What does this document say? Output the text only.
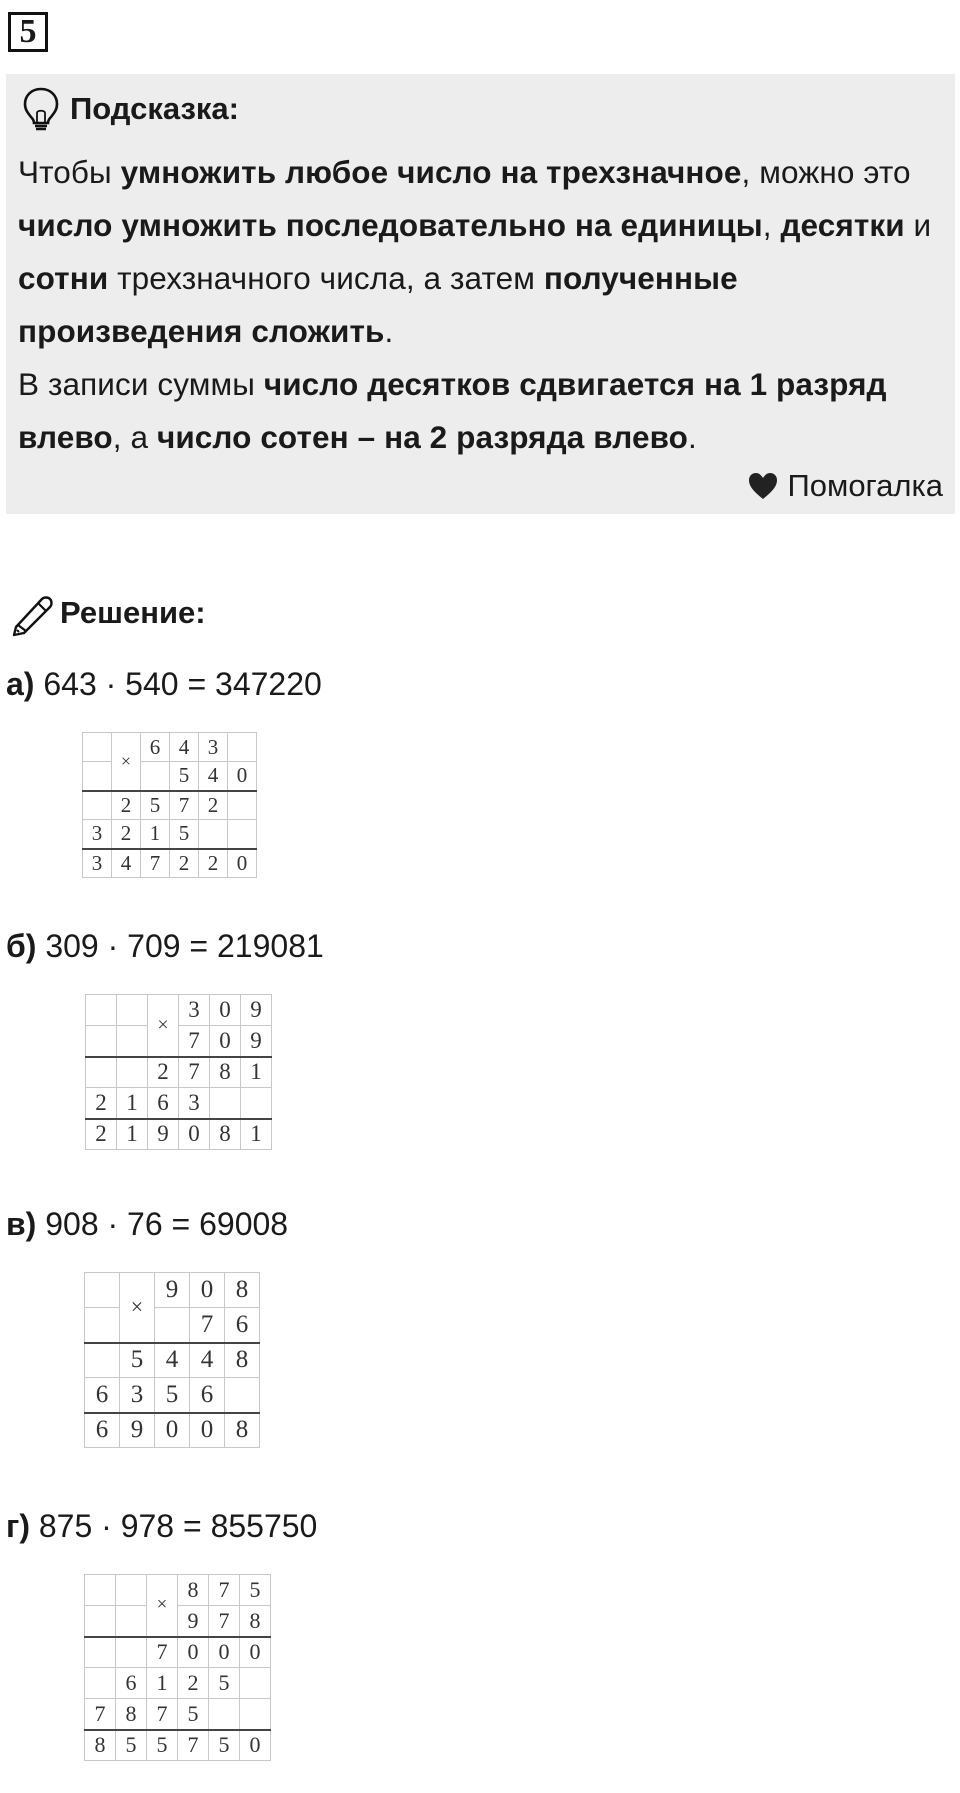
5
Подсказка:
Чтобы умножить любое число на трехзначное, можно это число умножить последовательно на единицы, десятки и сотни трехзначного числа, а затем полученные произведения сложить.
В записи суммы число десятков сдвигается на 1 разряд влево, а число сотен – на 2 разряда влево.
Помогалка
Решение:
а) 643 · 540 = 347220
	×	6	4	3	
			5	4	0
	2	5	7	2	
3	2	1	5		
3	4	7	2	2	0
б) 309 · 709 = 219081
		×	3	0	9
			7	0	9
		2	7	8	1
2	1	6	3		
2	1	9	0	8	1
в) 908 · 76 = 69008
	×	9	0	8
			7	6
	5	4	4	8
6	3	5	6	
6	9	0	0	8
г) 875 · 978 = 855750
		×	8	7	5
			9	7	8
		7	0	0	0
	6	1	2	5	
7	8	7	5		
8	5	5	7	5	0
